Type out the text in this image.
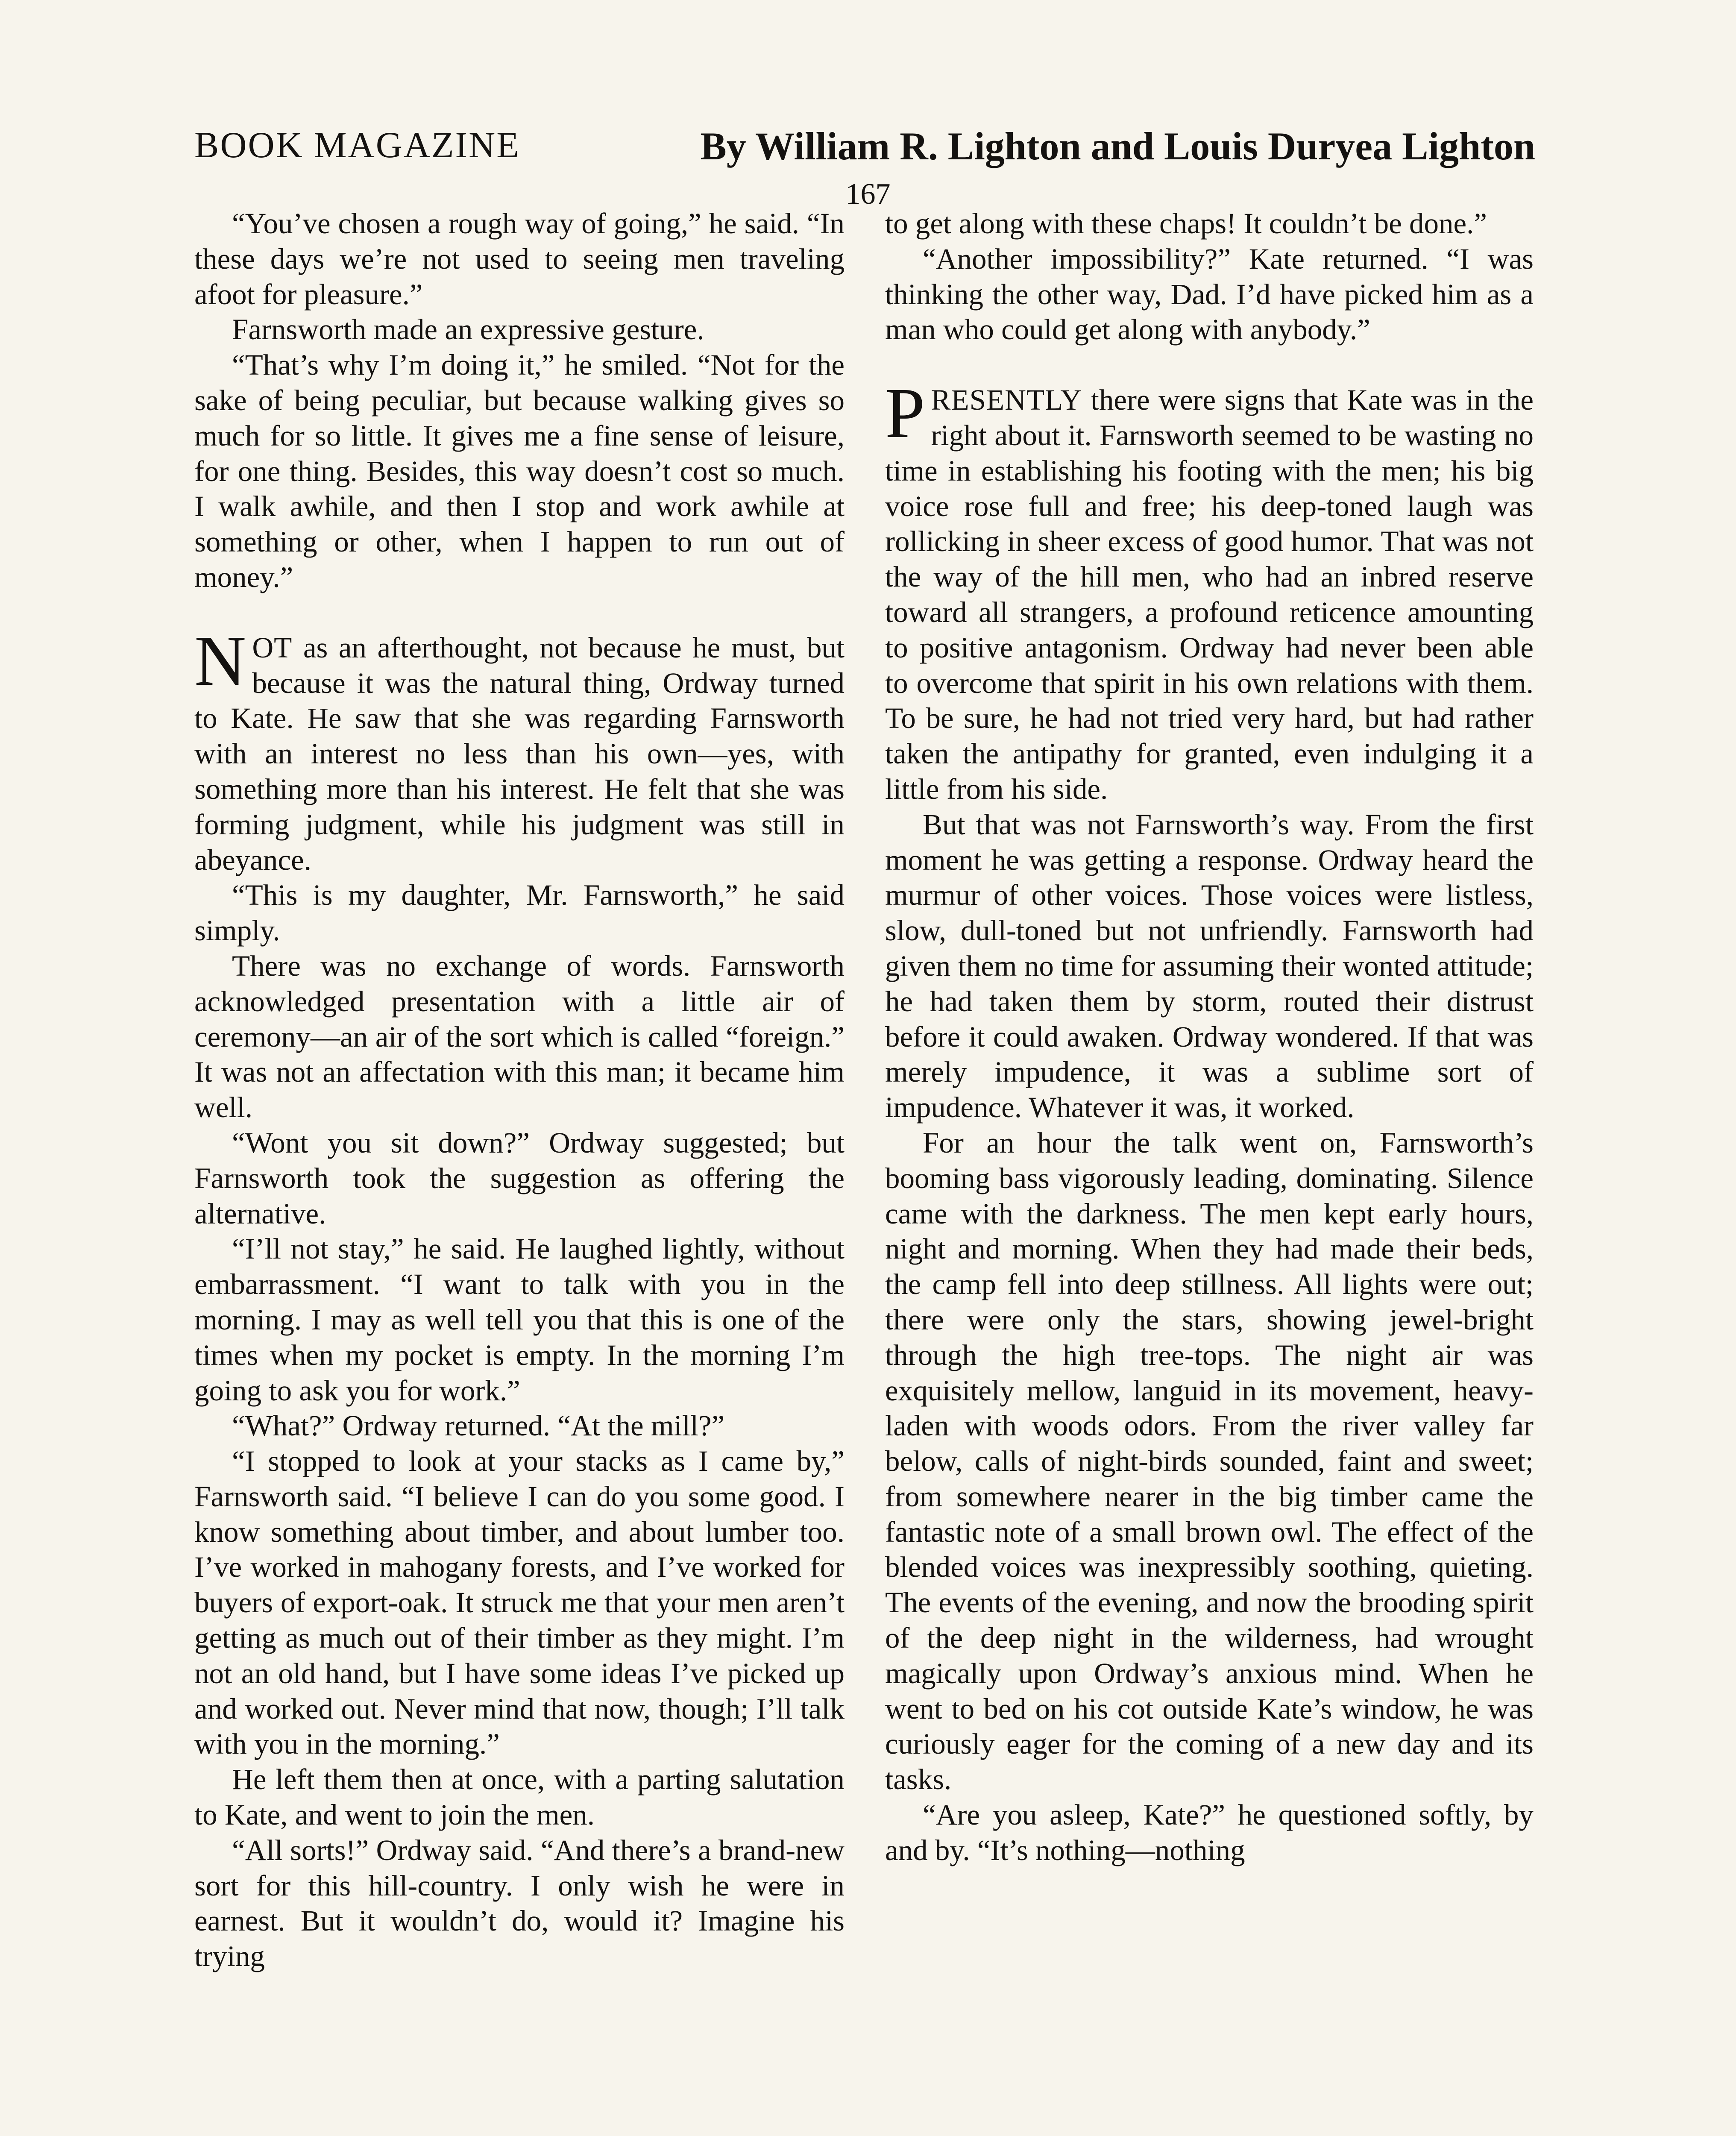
BOOK MAGAZINE	By William R. Lighton and Louis Duryea Lighton
167

“You’ve chosen a rough way of going,” he said. “In these days we’re not used to seeing men traveling afoot for pleasure.”

Farnsworth made an expressive gesture.

“That’s why I’m doing it,” he smiled. “Not for the sake of being peculiar, but because walking gives so much for so little. It gives me a fine sense of leisure, for one thing. Besides, this way doesn’t cost so much. I walk awhile, and then I stop and work awhile at something or other, when I happen to run out of money.”

NOT as an afterthought, not because he must, but because it was the natural thing, Ordway turned to Kate. He saw that she was regarding Farnsworth with an interest no less than his own—yes, with something more than his interest. He felt that she was forming judgment, while his judgment was still in abeyance.

“This is my daughter, Mr. Farnsworth,” he said simply.

There was no exchange of words. Farnsworth acknowledged presentation with a little air of ceremony—an air of the sort which is called “foreign.” It was not an affectation with this man; it became him well.

“Wont you sit down?” Ordway suggested; but Farnsworth took the suggestion as offering the alternative.

“I’ll not stay,” he said. He laughed lightly, without embarrassment. “I want to talk with you in the morning. I may as well tell you that this is one of the times when my pocket is empty. In the morning I’m going to ask you for work.”

“What?” Ordway returned. “At the mill?”

“I stopped to look at your stacks as I came by,” Farnsworth said. “I believe I can do you some good. I know something about timber, and about lumber too. I’ve worked in mahogany forests, and I’ve worked for buyers of export-oak. It struck me that your men aren’t getting as much out of their timber as they might. I’m not an old hand, but I have some ideas I’ve picked up and worked out. Never mind that now, though; I’ll talk with you in the morning.”

He left them then at once, with a parting salutation to Kate, and went to join the men.

“All sorts!” Ordway said. “And there’s a brand-new sort for this hill-country. I only wish he were in earnest. But it wouldn’t do, would it? Imagine his trying

to get along with these chaps! It couldn’t be done.”

“Another impossibility?” Kate returned. “I was thinking the other way, Dad. I’d have picked him as a man who could get along with anybody.”

PRESENTLY there were signs that Kate was in the right about it. Farnsworth seemed to be wasting no time in establishing his footing with the men; his big voice rose full and free; his deep-toned laugh was rollicking in sheer excess of good humor. That was not the way of the hill men, who had an inbred reserve toward all strangers, a profound reticence amounting to positive antagonism. Ordway had never been able to overcome that spirit in his own relations with them. To be sure, he had not tried very hard, but had rather taken the antipathy for granted, even indulging it a little from his side.

But that was not Farnsworth’s way. From the first moment he was getting a response. Ordway heard the murmur of other voices. Those voices were listless, slow, dull-toned but not unfriendly. Farnsworth had given them no time for assuming their wonted attitude; he had taken them by storm, routed their distrust before it could awaken. Ordway wondered. If that was merely impudence, it was a sublime sort of impudence. Whatever it was, it worked.

For an hour the talk went on, Farnsworth’s booming bass vigorously leading, dominating. Silence came with the darkness. The men kept early hours, night and morning. When they had made their beds, the camp fell into deep stillness. All lights were out; there were only the stars, showing jewel-bright through the high tree-tops. The night air was exquisitely mellow, languid in its movement, heavy-laden with woods odors. From the river valley far below, calls of night-birds sounded, faint and sweet; from somewhere nearer in the big timber came the fantastic note of a small brown owl. The effect of the blended voices was inexpressibly soothing, quieting. The events of the evening, and now the brooding spirit of the deep night in the wilderness, had wrought magically upon Ordway’s anxious mind. When he went to bed on his cot outside Kate’s window, he was curiously eager for the coming of a new day and its tasks.

“Are you asleep, Kate?” he questioned softly, by and by. “It’s nothing—nothing
